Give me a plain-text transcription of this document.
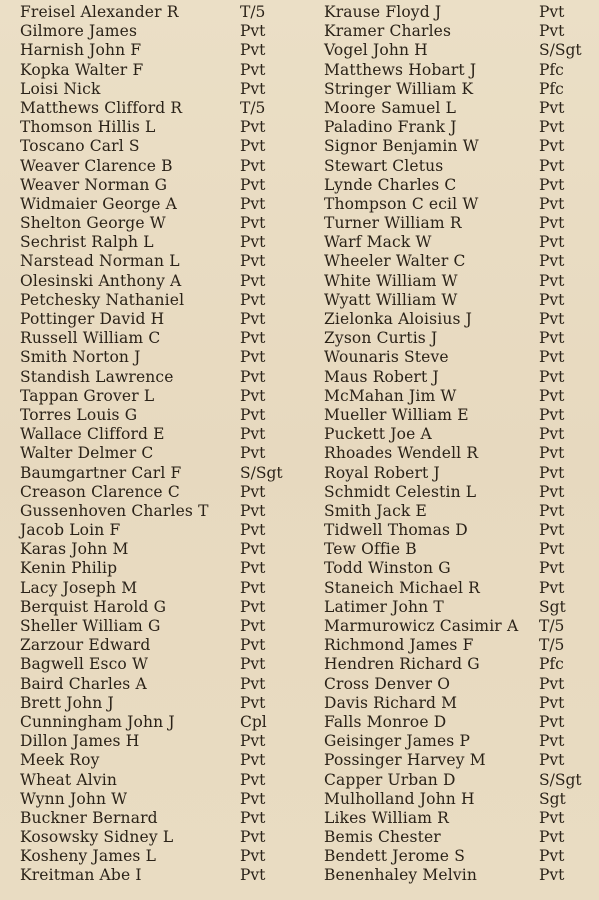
Freisel Alexander R	T/5	Krause Floyd J	Pvt
Gilmore James	Pvt	Kramer Charles	Pvt
Harnish John F	Pvt	Vogel John H	S/Sgt
Kopka Walter F	Pvt	Matthews Hobart J	Pfc
Loisi Nick	Pvt	Stringer William K	Pfc
Matthews Clifford R	T/5	Moore Samuel L	Pvt
Thomson Hillis L	Pvt	Paladino Frank J	Pvt
Toscano Carl S	Pvt	Signor Benjamin W	Pvt
Weaver Clarence B	Pvt	Stewart Cletus	Pvt
Weaver Norman G	Pvt	Lynde Charles C	Pvt
Widmaier George A	Pvt	Thompson C ecil W	Pvt
Shelton George W	Pvt	Turner William R	Pvt
Sechrist Ralph L	Pvt	Warf Mack W	Pvt
Narstead Norman L	Pvt	Wheeler Walter C	Pvt
Olesinski Anthony A	Pvt	White William W	Pvt
Petchesky Nathaniel	Pvt	Wyatt William W	Pvt
Pottinger David H	Pvt	Zielonka Aloisius J	Pvt
Russell William C	Pvt	Zyson Curtis J	Pvt
Smith Norton J	Pvt	Wounaris Steve	Pvt
Standish Lawrence	Pvt	Maus Robert J	Pvt
Tappan Grover L	Pvt	McMahan Jim W	Pvt
Torres Louis G	Pvt	Mueller William E	Pvt
Wallace Clifford E	Pvt	Puckett Joe A	Pvt
Walter Delmer C	Pvt	Rhoades Wendell R	Pvt
Baumgartner Carl F	S/Sgt	Royal Robert J	Pvt
Creason Clarence C	Pvt	Schmidt Celestin L	Pvt
Gussenhoven Charles T Pvt	Smith Jack E	Pvt
Jacob Loin F	Pvt	Tidwell Thomas D	Pvt
Karas John M	Pvt	Tew Offie B	Pvt
Kenin Philip	Pvt	Todd Winston G	Pvt
Lacy Joseph M	Pvt	Staneich Michael R	Pvt
Berquist Harold G	Pvt	Latimer John T	Sgt
Sheller William G	Pvt	Marmurowicz Casimir A T/5
Zarzour Edward	Pvt	Richmond James F	T/5
Bagwell Esco W	Pvt	Hendren Richard G	Pfc
Baird Charles A	Pvt	Cross Denver O	Pvt
Brett John J	Pvt	Davis Richard M	Pvt
Cunningham John J	Cpl	Falls Monroe D	Pvt
Dillon James H	Pvt	Geisinger James P	Pvt
Meek Roy	Pvt	Possinger Harvey M	Pvt
Wheat Alvin	Pvt	Capper Urban D	S/Sgt
Wynn John W	Pvt	Mulholland John H	Sgt
Buckner Bernard	Pvt	Likes William R	Pvt
Kosowsky Sidney L	Pvt	Bemis Chester	Pvt
Kosheny James L	Pvt	Bendett Jerome S	Pvt
Kreitman Abe I	Pvt	Benenhaley Melvin	Pvt
